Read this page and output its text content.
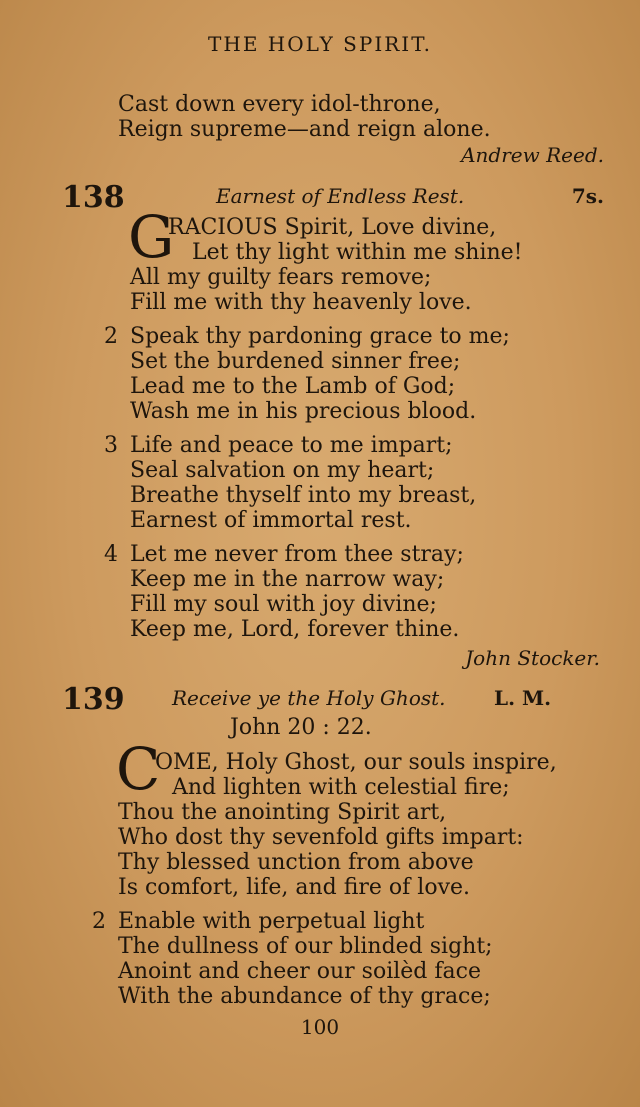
THE HOLY SPIRIT.
Cast down every idol-throne,
Reign supreme—and reign alone.
Andrew Reed.
138	Earnest of Endless Rest.	7s.
G
RACIOUS Spirit, Love divine,
Let thy light within me shine!
All my guilty fears remove;
Fill me with thy heavenly love.
2 Speak thy pardoning grace to me;
Set the burdened sinner free;
Lead me to the Lamb of God;
Wash me in his precious blood.
3 Life and peace to me impart;
Seal salvation on my heart;
Breathe thyself into my breast,
Earnest of immortal rest.
4 Let me never from thee stray;
Keep me in the narrow way;
Fill my soul with joy divine;
Keep me, Lord, forever thine.
John Stocker.
139 Receive ye the Holy Ghost. L. M.
John 20 : 22.
C
OME, Holy Ghost, our souls inspire,
And lighten with celestial fire;
Thou the anointing Spirit art,
Who dost thy sevenfold gifts impart:
Thy blessed unction from above
Is comfort, life, and fire of love.
2 Enable with perpetual light
The dullness of our blinded sight;
Anoint and cheer our soilèd face
With the abundance of thy grace;
100
